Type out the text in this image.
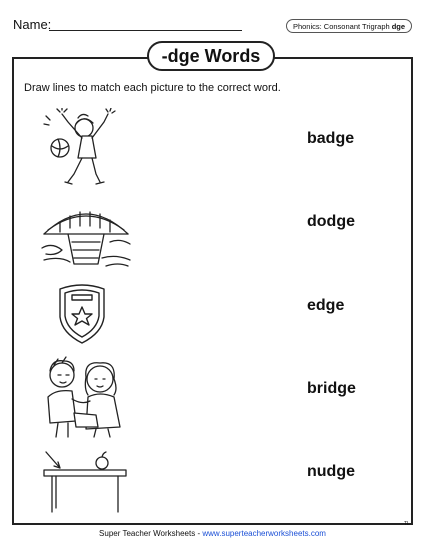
Name:	Phonics: Consonant Trigraph dge
-dge Words
Draw lines to match each picture to the correct word.
badge
dodge
edge
bridge
nudge
Super Teacher Worksheets - www.superteacherworksheets.com
TL
